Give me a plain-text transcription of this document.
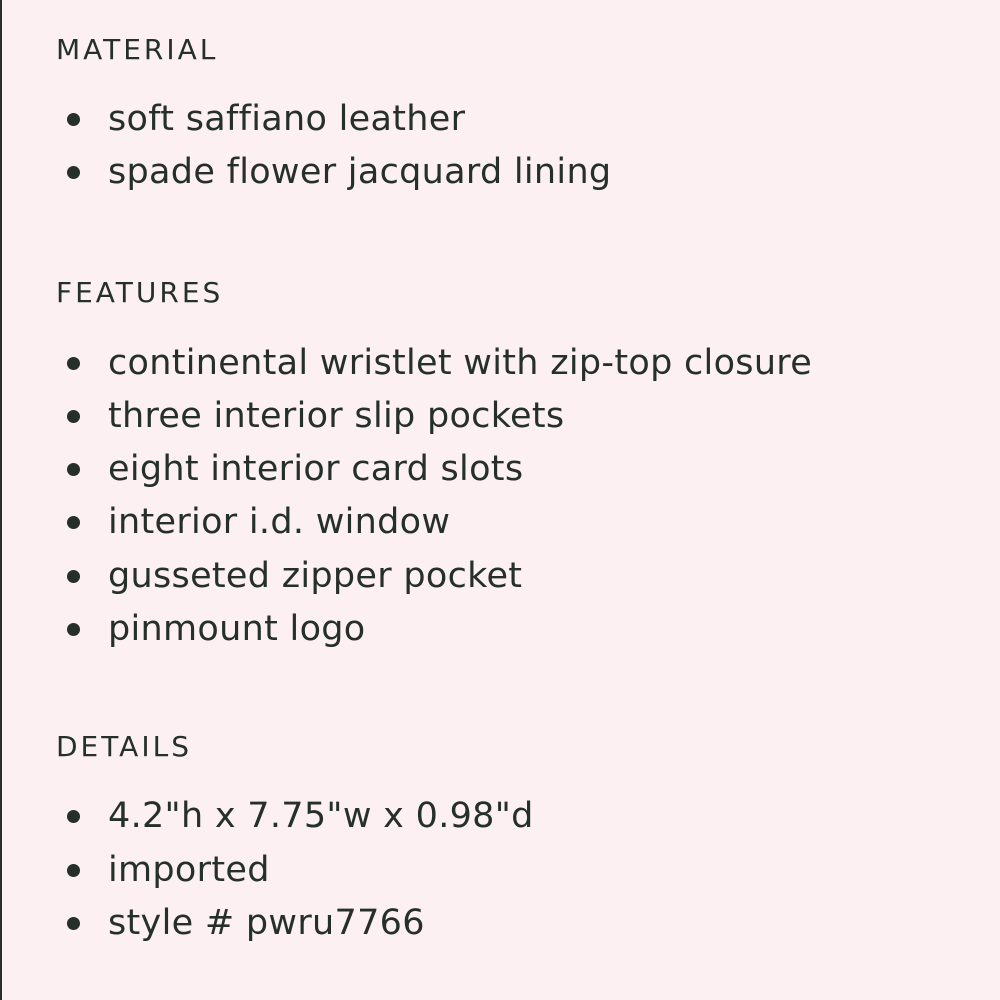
MATERIAL
soft saffiano leather
spade flower jacquard lining
FEATURES
continental wristlet with zip-top closure
three interior slip pockets
eight interior card slots
interior i.d. window
gusseted zipper pocket
pinmount logo
DETAILS
4.2"h x 7.75"w x 0.98"d
imported
style # pwru7766
